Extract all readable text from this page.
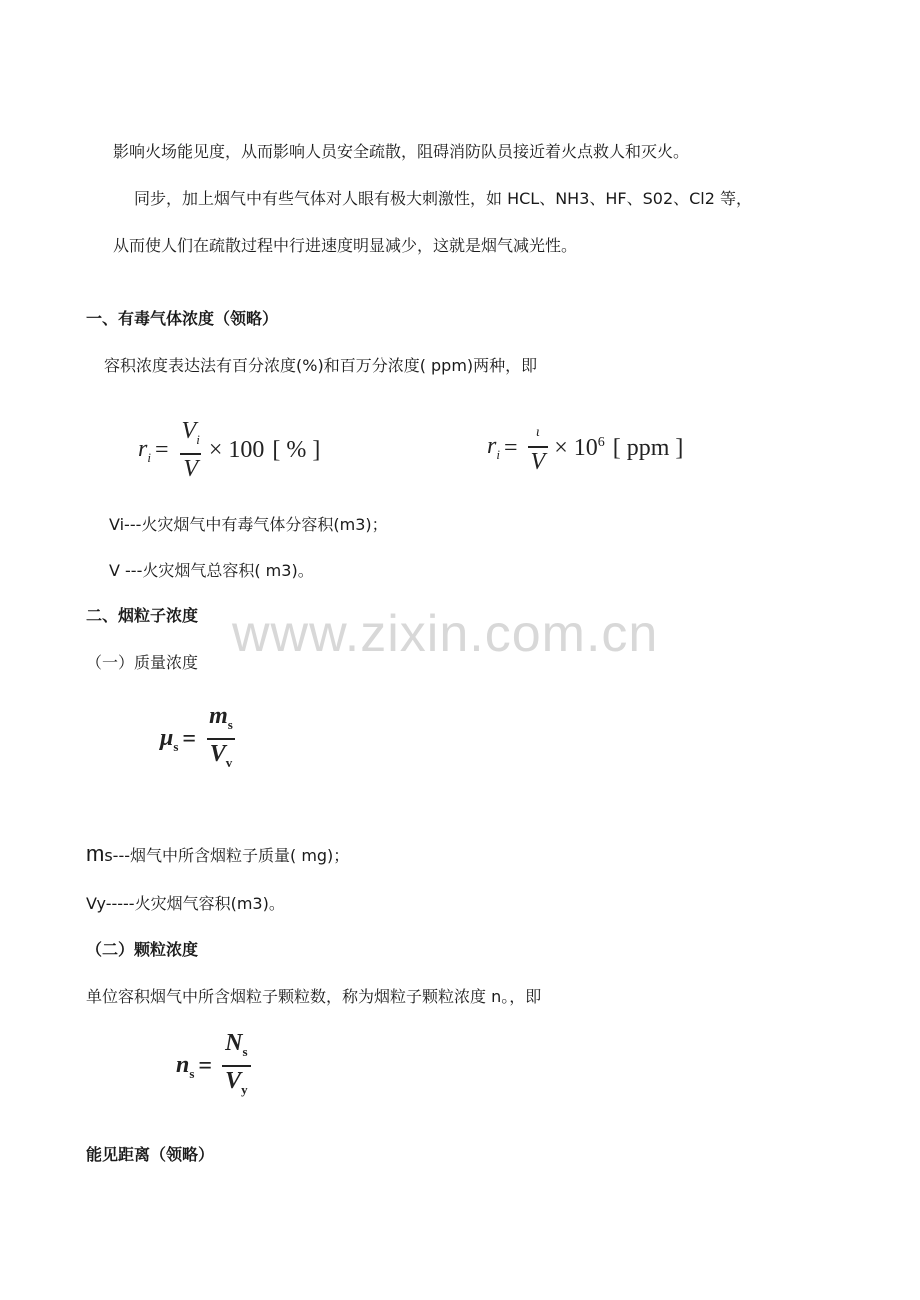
影响火场能见度，从而影响人员安全疏散，阻碍消防队员接近着火点救人和灭火。
同步，加上烟气中有些气体对人眼有极大刺激性，如 HCL、NH3、HF、S02、Cl2 等，
从而使人们在疏散过程中行进速度明显减少，这就是烟气减光性。
一、有毒气体浓度（领略）
容积浓度表达法有百分浓度(%)和百万分浓度( ppm)两种，即
$r_i = \frac{V_i}{V} \times 100$ [ % ]	$r_i = \frac{\iota}{V} \times 10^6$ [ ppm ]
Vi---火灾烟气中有毒气体分容积(m3)；
V ---火灾烟气总容积( m3)。
二、烟粒子浓度
（一）质量浓度
$\mu_s = \frac{m_s}{V_v}$
ms---烟气中所含烟粒子质量( mg)；
Vy-----火灾烟气容积(m3)。
（二）颗粒浓度
单位容积烟气中所含烟粒子颗粒数，称为烟粒子颗粒浓度 n。，即
$n_s = \frac{N_s}{V_y}$
能见距离（领略）
www.zixin.com.cn
